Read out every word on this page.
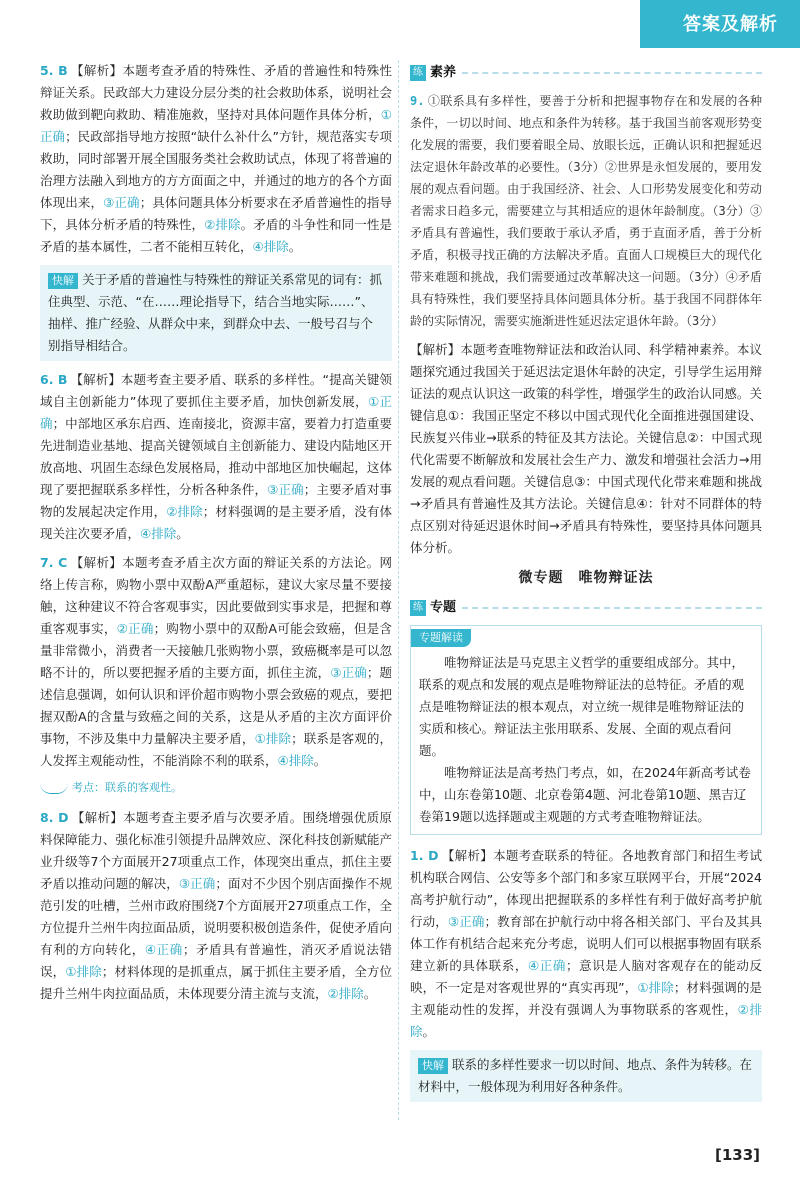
答案及解析
5. B 【解析】本题考查矛盾的特殊性、矛盾的普遍性和特殊性辩证关系。民政部大力建设分层分类的社会救助体系，说明社会救助做到靶向救助、精准施救，坚持对具体问题作具体分析，①正确；民政部指导地方按照“缺什么补什么”方针，规范落实专项救助，同时部署开展全国服务类社会救助试点，体现了将普遍的治理方法融入到地方的方方面面之中，并通过的地方的各个方面体现出来，③正确；具体问题具体分析要求在矛盾普遍性的指导下，具体分析矛盾的特殊性，②排除。矛盾的斗争性和同一性是矛盾的基本属性，二者不能相互转化，④排除。
快解 关于矛盾的普遍性与特殊性的辩证关系常见的词有：抓住典型、示范、“在……理论指导下，结合当地实际……”、抽样、推广经验、从群众中来，到群众中去、一般号召与个别指导相结合。
6. B 【解析】本题考查主要矛盾、联系的多样性。“提高关键领域自主创新能力”体现了要抓住主要矛盾，加快创新发展，①正确；中部地区承东启西、连南接北，资源丰富，要着力打造重要先进制造业基地、提高关键领域自主创新能力、建设内陆地区开放高地、巩固生态绿色发展格局，推动中部地区加快崛起，这体现了要把握联系多样性，分析各种条件，③正确；主要矛盾对事物的发展起决定作用，②排除；材料强调的是主要矛盾，没有体现关注次要矛盾，④排除。
7. C 【解析】本题考查矛盾主次方面的辩证关系的方法论。网络上传言称，购物小票中双酚A严重超标，建议大家尽量不要接触，这种建议不符合客观事实，因此要做到实事求是，把握和尊重客观事实，②正确；购物小票中的双酚A可能会致癌，但是含量非常微小，消费者一天接触几张购物小票，致癌概率是可以忽略不计的，所以要把握矛盾的主要方面，抓住主流，③正确；题述信息强调，如何认识和评价超市购物小票会致癌的观点，要把握双酚A的含量与致癌之间的关系，这是从矛盾的主次方面评价事物，不涉及集中力量解决主要矛盾，①排除；联系是客观的，人发挥主观能动性，不能消除不利的联系，④排除。
考点：联系的客观性。
8. D 【解析】本题考查主要矛盾与次要矛盾。围绕增强优质原料保障能力、强化标准引领提升品牌效应、深化科技创新赋能产业升级等7个方面展开27项重点工作，体现突出重点，抓住主要矛盾以推动问题的解决，③正确；面对不少因个别店面操作不规范引发的吐槽，兰州市政府围绕7个方面展开27项重点工作，全方位提升兰州牛肉拉面品质，说明要积极创造条件，促使矛盾向有利的方向转化，④正确；矛盾具有普遍性，消灭矛盾说法错误，①排除；材料体现的是抓重点，属于抓住主要矛盾，全方位提升兰州牛肉拉面品质，未体现要分清主流与支流，②排除。
练 素养
9. ①联系具有多样性，要善于分析和把握事物存在和发展的各种条件，一切以时间、地点和条件为转移。基于我国当前客观形势变化发展的需要，我们要着眼全局、放眼长远，正确认识和把握延迟法定退休年龄改革的必要性。（3分）②世界是永恒发展的，要用发展的观点看问题。由于我国经济、社会、人口形势发展变化和劳动者需求日趋多元，需要建立与其相适应的退休年龄制度。（3分）③矛盾具有普遍性，我们要敢于承认矛盾，勇于直面矛盾，善于分析矛盾，积极寻找正确的方法解决矛盾。直面人口规模巨大的现代化带来难题和挑战，我们需要通过改革解决这一问题。（3分）④矛盾具有特殊性，我们要坚持具体问题具体分析。基于我国不同群体年龄的实际情况，需要实施渐进性延迟法定退休年龄。（3分）
【解析】本题考查唯物辩证法和政治认同、科学精神素养。本议题探究通过我国关于延迟法定退休年龄的决定，引导学生运用辩证法的观点认识这一政策的科学性，增强学生的政治认同感。关键信息①：我国正坚定不移以中国式现代化全面推进强国建设、民族复兴伟业→联系的特征及其方法论。关键信息②：中国式现代化需要不断解放和发展社会生产力、激发和增强社会活力→用发展的观点看问题。关键信息③：中国式现代化带来难题和挑战→矛盾具有普遍性及其方法论。关键信息④：针对不同群体的特点区别对待延迟退休时间→矛盾具有特殊性，要坚持具体问题具体分析。
微专题　唯物辩证法
练 专题
专题解读

唯物辩证法是马克思主义哲学的重要组成部分。其中，联系的观点和发展的观点是唯物辩证法的总特征。矛盾的观点是唯物辩证法的根本观点，对立统一规律是唯物辩证法的实质和核心。辩证法主张用联系、发展、全面的观点看问题。

唯物辩证法是高考热门考点，如，在2024年新高考试卷中，山东卷第10题、北京卷第4题、河北卷第10题、黑吉辽卷第19题以选择题或主观题的方式考查唯物辩证法。

1. D 【解析】本题考查联系的特征。各地教育部门和招生考试机构联合网信、公安等多个部门和多家互联网平台，开展“2024高考护航行动”，体现出把握联系的多样性有利于做好高考护航行动，③正确；教育部在护航行动中将各相关部门、平台及其具体工作有机结合起来充分考虑，说明人们可以根据事物固有联系建立新的具体联系，④正确；意识是人脑对客观存在的能动反映，不一定是对客观世界的“真实再现”，①排除；材料强调的是主观能动性的发挥，并没有强调人为事物联系的客观性，②排除。
快解 联系的多样性要求一切以时间、地点、条件为转移。在材料中，一般体现为利用好各种条件。
[133]
